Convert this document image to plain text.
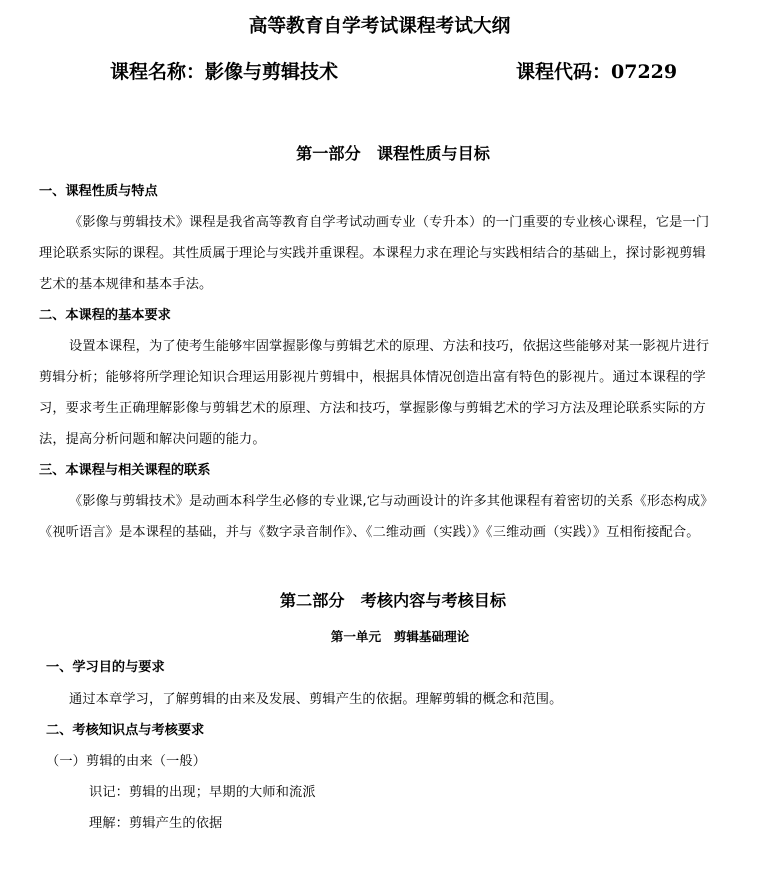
高等教育自学考试课程考试大纲
课程名称：影像与剪辑技术	课程代码：07229
第一部分　课程性质与目标
一、课程性质与特点
《影像与剪辑技术》课程是我省高等教育自学考试动画专业（专升本）的一门重要的专业核心课程，它是一门
理论联系实际的课程。其性质属于理论与实践并重课程。本课程力求在理论与实践相结合的基础上，探讨影视剪辑
艺术的基本规律和基本手法。
二、本课程的基本要求
设置本课程，为了使考生能够牢固掌握影像与剪辑艺术的原理、方法和技巧，依据这些能够对某一影视片进行
剪辑分析；能够将所学理论知识合理运用影视片剪辑中，根据具体情况创造出富有特色的影视片。通过本课程的学
习，要求考生正确理解影像与剪辑艺术的原理、方法和技巧，掌握影像与剪辑艺术的学习方法及理论联系实际的方
法，提高分析问题和解决问题的能力。
三、本课程与相关课程的联系
《影像与剪辑技术》是动画本科学生必修的专业课,它与动画设计的许多其他课程有着密切的关系《形态构成》
《视听语言》是本课程的基础，并与《数字录音制作》、《二维动画（实践）》《三维动画（实践）》互相衔接配合。
第二部分　考核内容与考核目标
第一单元　剪辑基础理论
一、学习目的与要求
通过本章学习，了解剪辑的由来及发展、剪辑产生的依据。理解剪辑的概念和范围。
二、考核知识点与考核要求
（一）剪辑的由来（一般）
识记：剪辑的出现；早期的大师和流派
理解：剪辑产生的依据
